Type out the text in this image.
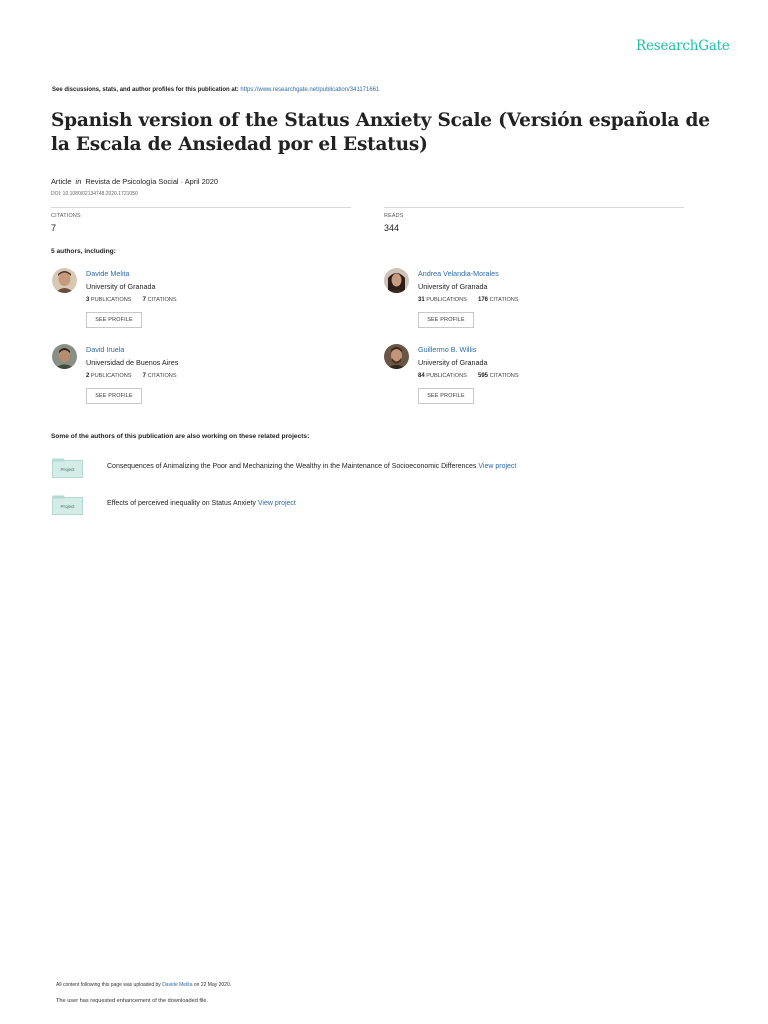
ResearchGate
See discussions, stats, and author profiles for this publication at: https://www.researchgate.net/publication/341171661
Spanish version of the Status Anxiety Scale (Versión española de la Escala de Ansiedad por el Estatus)
Article in Revista de Psicología Social · April 2020
DOI: 10.1080/02134748.2020.1721050
CITATIONS
7
READS
344
5 authors, including:
Davide Melita
University of Granada
3 PUBLICATIONS 7 CITATIONS
SEE PROFILE
Andrea Velandia-Morales
University of Granada
31 PUBLICATIONS 176 CITATIONS
SEE PROFILE
David Iruela
Universidad de Buenos Aires
2 PUBLICATIONS 7 CITATIONS
SEE PROFILE
Guillermo B. Willis
University of Granada
84 PUBLICATIONS 595 CITATIONS
SEE PROFILE
Some of the authors of this publication are also working on these related projects:
Project	Consequences of Animalizing the Poor and Mechanizing the Wealthy in the Maintenance of Socioeconomic Differences View project
Project	Effects of perceived inequality on Status Anxiety View project
All content following this page was uploaded by Davide Melita on 22 May 2020.
The user has requested enhancement of the downloaded file.
